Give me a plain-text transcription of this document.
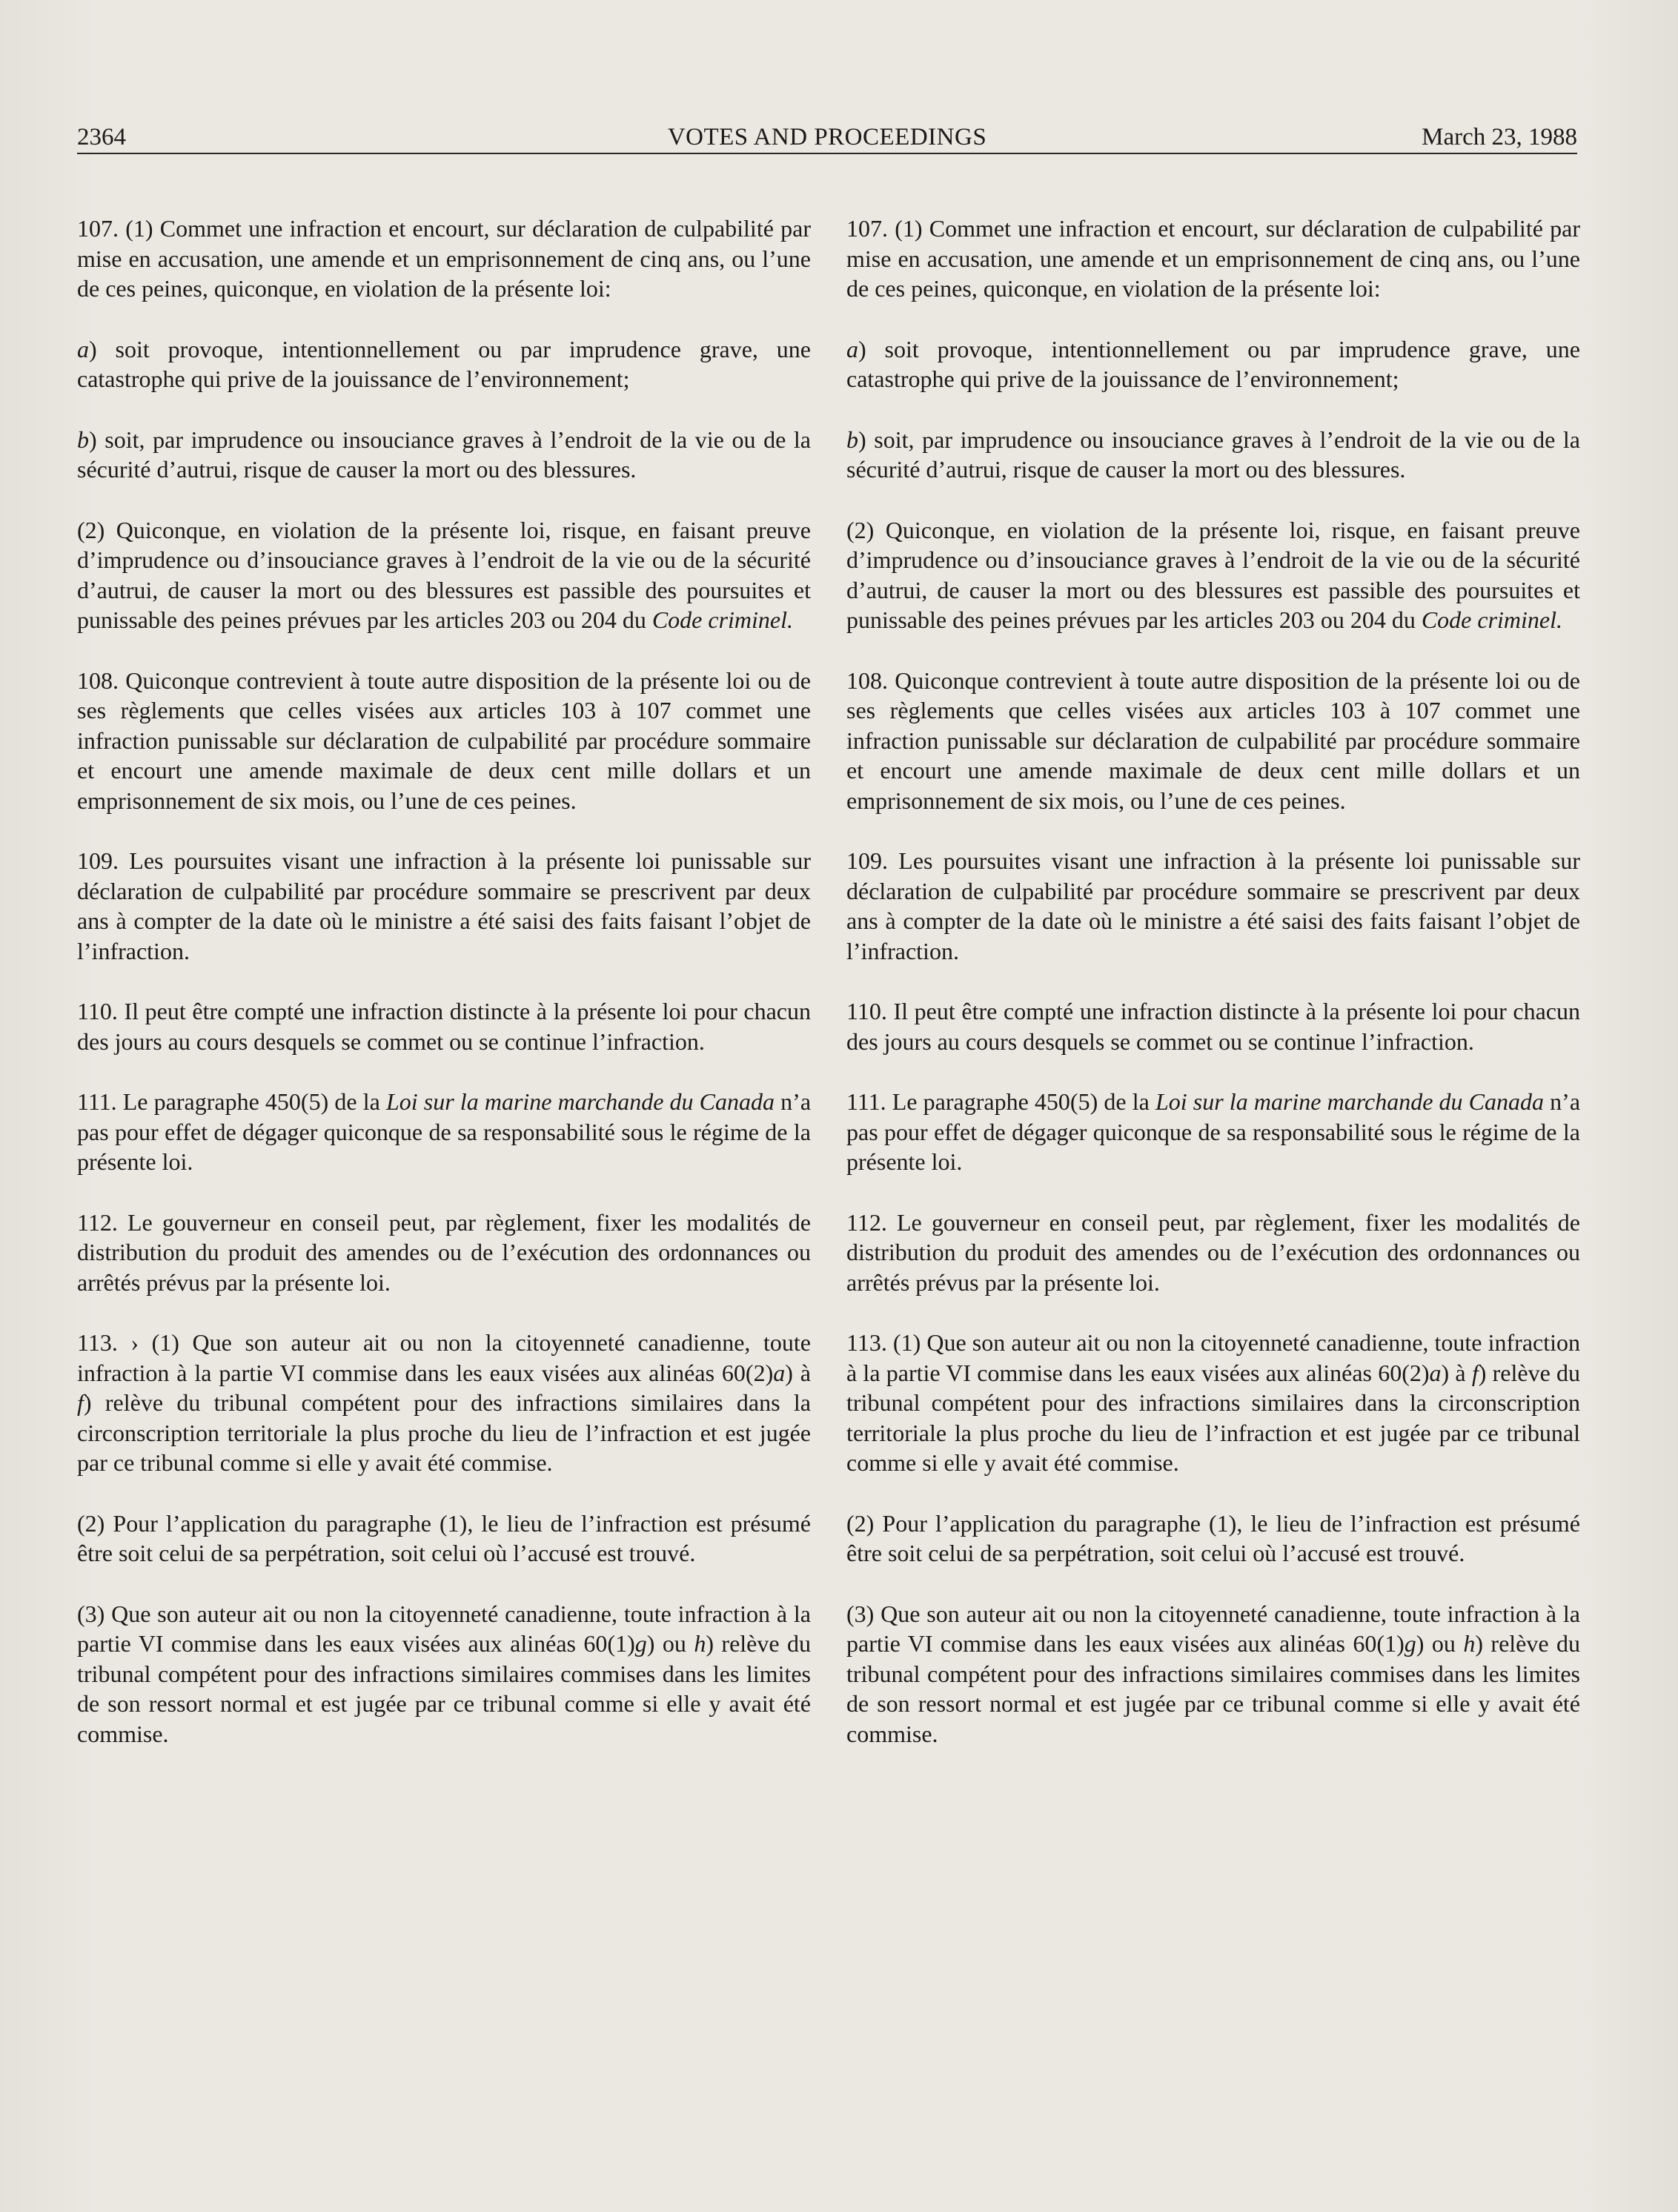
2364	VOTES AND PROCEEDINGS	March 23, 1988

107. (1) Commet une infraction et encourt, sur déclaration de culpabilité par mise en accusation, une amende et un emprisonnement de cinq ans, ou l’une de ces peines, quiconque, en violation de la présente loi:

a) soit provoque, intentionnellement ou par imprudence grave, une catastrophe qui prive de la jouissance de l’environnement;

b) soit, par imprudence ou insouciance graves à l’endroit de la vie ou de la sécurité d’autrui, risque de causer la mort ou des blessures.

(2) Quiconque, en violation de la présente loi, risque, en faisant preuve d’imprudence ou d’insouciance graves à l’endroit de la vie ou de la sécurité d’autrui, de causer la mort ou des blessures est passible des poursuites et punissable des peines prévues par les articles 203 ou 204 du Code criminel.

108. Quiconque contrevient à toute autre disposition de la présente loi ou de ses règlements que celles visées aux articles 103 à 107 commet une infraction punissable sur déclaration de culpabilité par procédure sommaire et encourt une amende maximale de deux cent mille dollars et un emprisonnement de six mois, ou l’une de ces peines.

109. Les poursuites visant une infraction à la présente loi punissable sur déclaration de culpabilité par procédure sommaire se prescrivent par deux ans à compter de la date où le ministre a été saisi des faits faisant l’objet de l’infraction.

110. Il peut être compté une infraction distincte à la présente loi pour chacun des jours au cours desquels se commet ou se continue l’infraction.

111. Le paragraphe 450(5) de la Loi sur la marine marchande du Canada n’a pas pour effet de dégager quiconque de sa responsabilité sous le régime de la présente loi.

112. Le gouverneur en conseil peut, par règlement, fixer les modalités de distribution du produit des amendes ou de l’exécution des ordonnances ou arrêtés prévus par la présente loi.

113. › (1) Que son auteur ait ou non la citoyenneté canadienne, toute infraction à la partie VI commise dans les eaux visées aux alinéas 60(2)a) à f) relève du tribunal compétent pour des infractions similaires dans la circonscription territoriale la plus proche du lieu de l’infraction et est jugée par ce tribunal comme si elle y avait été commise.

(2) Pour l’application du paragraphe (1), le lieu de l’infraction est présumé être soit celui de sa perpétration, soit celui où l’accusé est trouvé.

(3) Que son auteur ait ou non la citoyenneté canadienne, toute infraction à la partie VI commise dans les eaux visées aux alinéas 60(1)g) ou h) relève du tribunal compétent pour des infractions similaires commises dans les limites de son ressort normal et est jugée par ce tribunal comme si elle y avait été commise.

107. (1) Commet une infraction et encourt, sur déclaration de culpabilité par mise en accusation, une amende et un emprisonnement de cinq ans, ou l’une de ces peines, quiconque, en violation de la présente loi:

a) soit provoque, intentionnellement ou par imprudence grave, une catastrophe qui prive de la jouissance de l’environnement;

b) soit, par imprudence ou insouciance graves à l’endroit de la vie ou de la sécurité d’autrui, risque de causer la mort ou des blessures.

(2) Quiconque, en violation de la présente loi, risque, en faisant preuve d’imprudence ou d’insouciance graves à l’endroit de la vie ou de la sécurité d’autrui, de causer la mort ou des blessures est passible des poursuites et punissable des peines prévues par les articles 203 ou 204 du Code criminel.

108. Quiconque contrevient à toute autre disposition de la présente loi ou de ses règlements que celles visées aux articles 103 à 107 commet une infraction punissable sur déclaration de culpabilité par procédure sommaire et encourt une amende maximale de deux cent mille dollars et un emprisonnement de six mois, ou l’une de ces peines.

109. Les poursuites visant une infraction à la présente loi punissable sur déclaration de culpabilité par procédure sommaire se prescrivent par deux ans à compter de la date où le ministre a été saisi des faits faisant l’objet de l’infraction.

110. Il peut être compté une infraction distincte à la présente loi pour chacun des jours au cours desquels se commet ou se continue l’infraction.

111. Le paragraphe 450(5) de la Loi sur la marine marchande du Canada n’a pas pour effet de dégager quiconque de sa responsabilité sous le régime de la présente loi.

112. Le gouverneur en conseil peut, par règlement, fixer les modalités de distribution du produit des amendes ou de l’exécution des ordonnances ou arrêtés prévus par la présente loi.

113. (1) Que son auteur ait ou non la citoyenneté canadienne, toute infraction à la partie VI commise dans les eaux visées aux alinéas 60(2)a) à f) relève du tribunal compétent pour des infractions similaires dans la circonscription territoriale la plus proche du lieu de l’infraction et est jugée par ce tribunal comme si elle y avait été commise.

(2) Pour l’application du paragraphe (1), le lieu de l’infraction est présumé être soit celui de sa perpétration, soit celui où l’accusé est trouvé.

(3) Que son auteur ait ou non la citoyenneté canadienne, toute infraction à la partie VI commise dans les eaux visées aux alinéas 60(1)g) ou h) relève du tribunal compétent pour des infractions similaires commises dans les limites de son ressort normal et est jugée par ce tribunal comme si elle y avait été commise.
